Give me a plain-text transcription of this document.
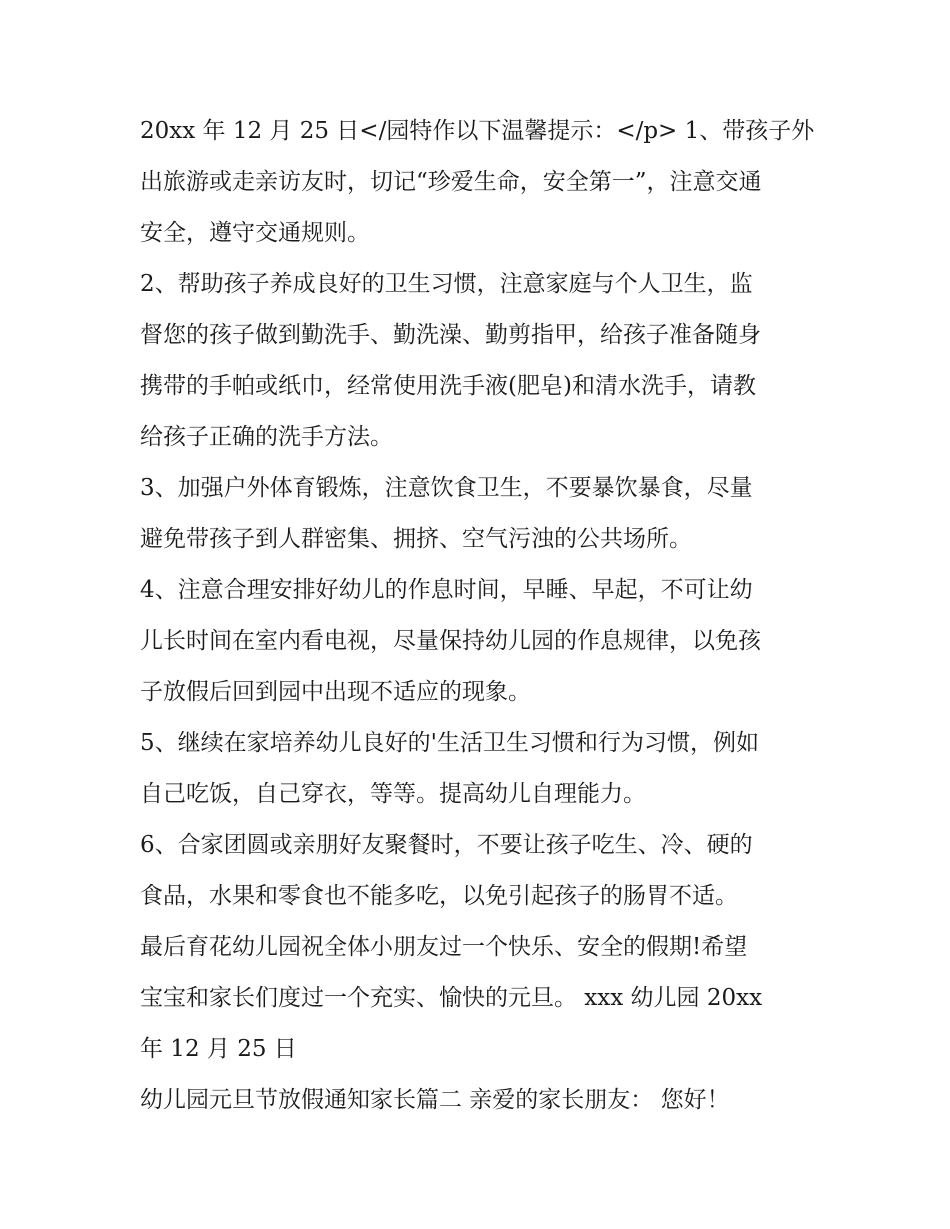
20xx 年 12 月 25 日</园特作以下温馨提示：</p> 1、带孩子外

出旅游或走亲访友时，切记“珍爱生命，安全第一”，注意交通

安全，遵守交通规则。

2、帮助孩子养成良好的卫生习惯，注意家庭与个人卫生，监

督您的孩子做到勤洗手、勤洗澡、勤剪指甲，给孩子准备随身

携带的手帕或纸巾，经常使用洗手液(肥皂)和清水洗手，请教

给孩子正确的洗手方法。

3、加强户外体育锻炼，注意饮食卫生，不要暴饮暴食，尽量

避免带孩子到人群密集、拥挤、空气污浊的公共场所。

4、注意合理安排好幼儿的作息时间，早睡、早起，不可让幼

儿长时间在室内看电视，尽量保持幼儿园的作息规律，以免孩

子放假后回到园中出现不适应的现象。

5、继续在家培养幼儿良好的'生活卫生习惯和行为习惯，例如

自己吃饭，自己穿衣，等等。提高幼儿自理能力。

6、合家团圆或亲朋好友聚餐时，不要让孩子吃生、冷、硬的

食品，水果和零食也不能多吃，以免引起孩子的肠胃不适。

最后育花幼儿园祝全体小朋友过一个快乐、安全的假期!希望

宝宝和家长们度过一个充实、愉快的元旦。 xxx 幼儿园 20xx

年 12 月 25 日

幼儿园元旦节放假通知家长篇二 亲爱的家长朋友： 您好！
